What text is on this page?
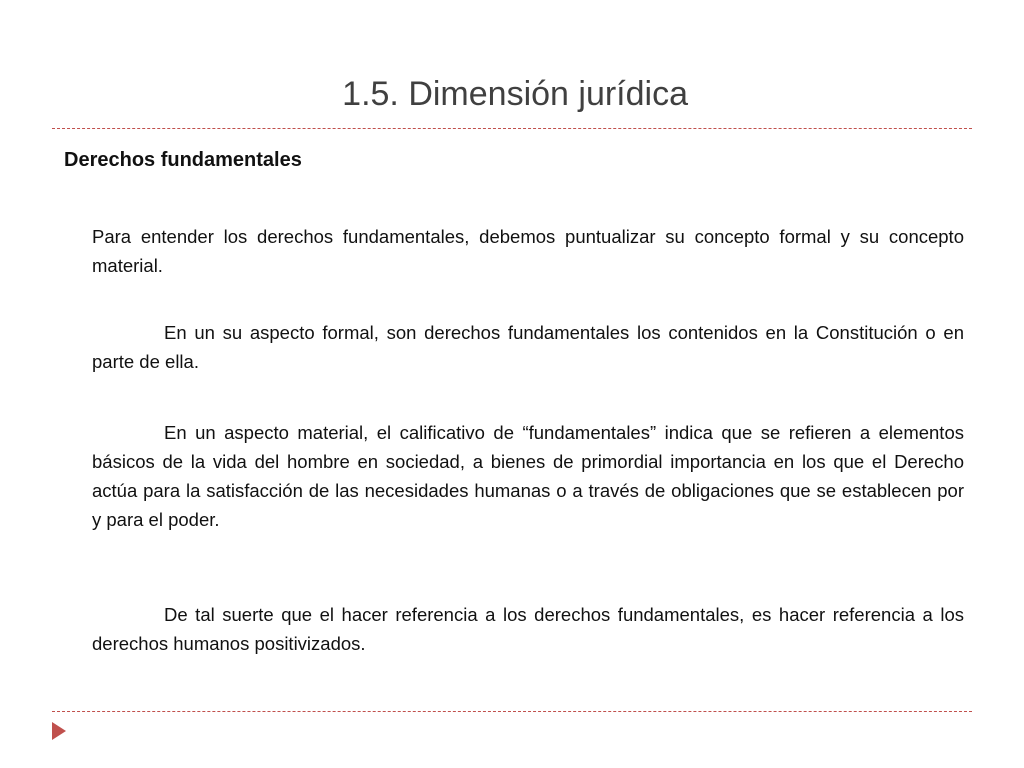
1.5. Dimensión jurídica
Derechos fundamentales

Para entender los derechos fundamentales, debemos puntualizar su concepto formal y su concepto material.

En un su aspecto formal, son derechos fundamentales los contenidos en la Constitución o en parte de ella.

En un aspecto material, el calificativo de “fundamentales” indica que se refieren a elementos básicos de la vida del hombre en sociedad, a bienes de primordial importancia en los que el Derecho actúa para la satisfacción de las necesidades humanas o a través de obligaciones que se establecen por y para el poder.

De tal suerte que el hacer referencia a los derechos fundamentales, es hacer referencia a los derechos humanos positivizados.
